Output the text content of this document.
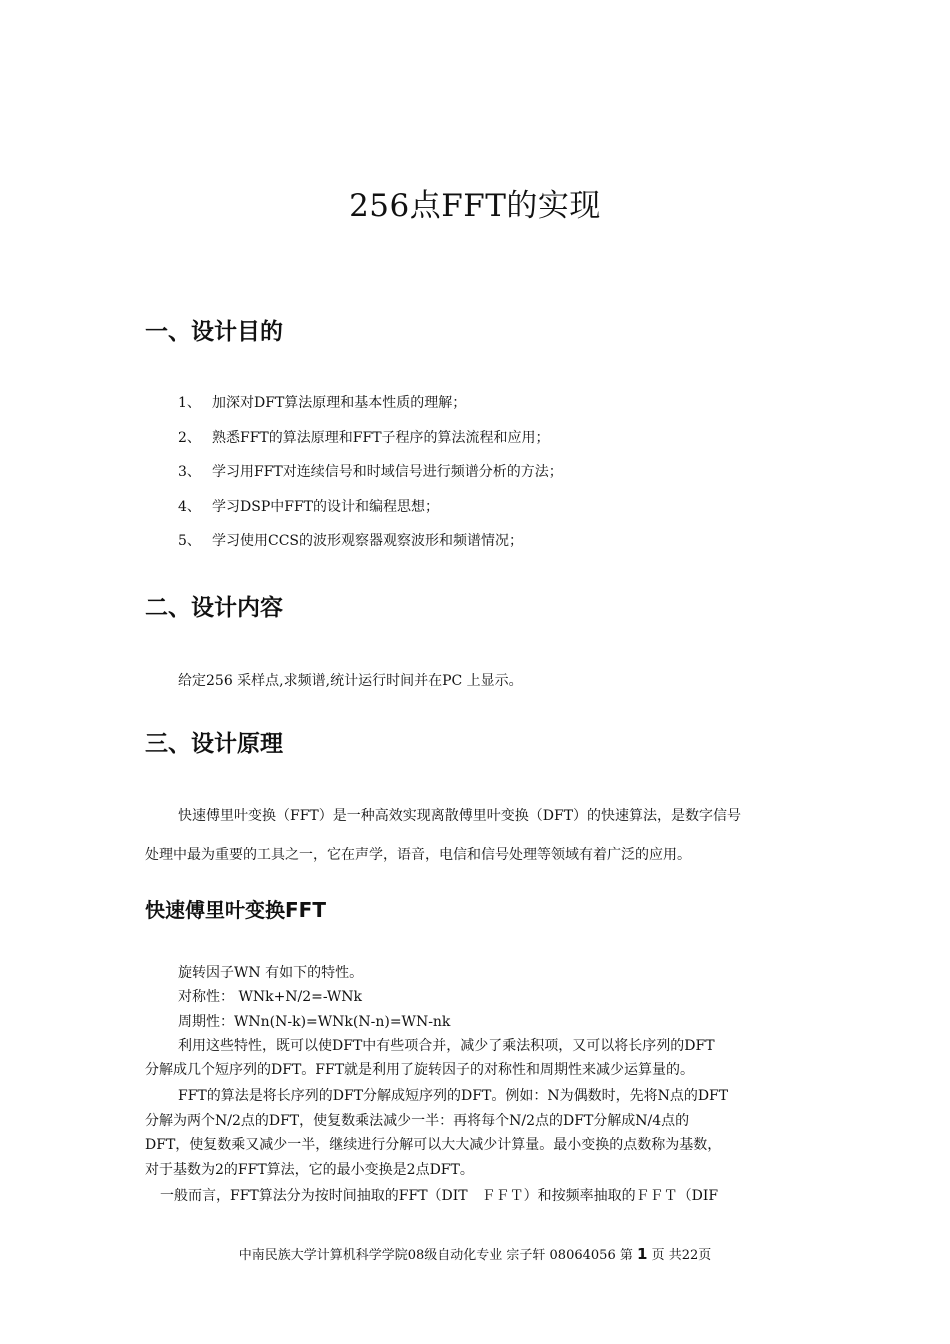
256点FFT的实现
一、设计目的
1、 加深对DFT算法原理和基本性质的理解；
2、 熟悉FFT的算法原理和FFT子程序的算法流程和应用；
3、 学习用FFT对连续信号和时域信号进行频谱分析的方法；
4、 学习DSP中FFT的设计和编程思想；
5、 学习使用CCS的波形观察器观察波形和频谱情况；
二、设计内容
给定256 采样点,求频谱,统计运行时间并在PC 上显示。
三、设计原理
快速傅里叶变换（FFT）是一种高效实现离散傅里叶变换（DFT）的快速算法，是数字信号
处理中最为重要的工具之一，它在声学，语音，电信和信号处理等领域有着广泛的应用。
快速傅里叶变换FFT
旋转因子WN 有如下的特性。
对称性： WNk+N/2=-WNk
周期性：WNn(N-k)=WNk(N-n)=WN-nk
利用这些特性，既可以使DFT中有些项合并，减少了乘法积项，又可以将长序列的DFT
分解成几个短序列的DFT。FFT就是利用了旋转因子的对称性和周期性来减少运算量的。
FFT的算法是将长序列的DFT分解成短序列的DFT。例如：N为偶数时，先将N点的DFT
分解为两个N/2点的DFT，使复数乘法减少一半：再将每个N/2点的DFT分解成N/4点的
DFT，使复数乘又减少一半，继续进行分解可以大大减少计算量。最小变换的点数称为基数，
对于基数为2的FFT算法，它的最小变换是2点DFT。
一般而言，FFT算法分为按时间抽取的FFT（DIT　ＦＦＴ）和按频率抽取的ＦＦＴ（DIF
中南民族大学计算机科学学院08级自动化专业 宗子轩 08064056 第 1 页 共22页
